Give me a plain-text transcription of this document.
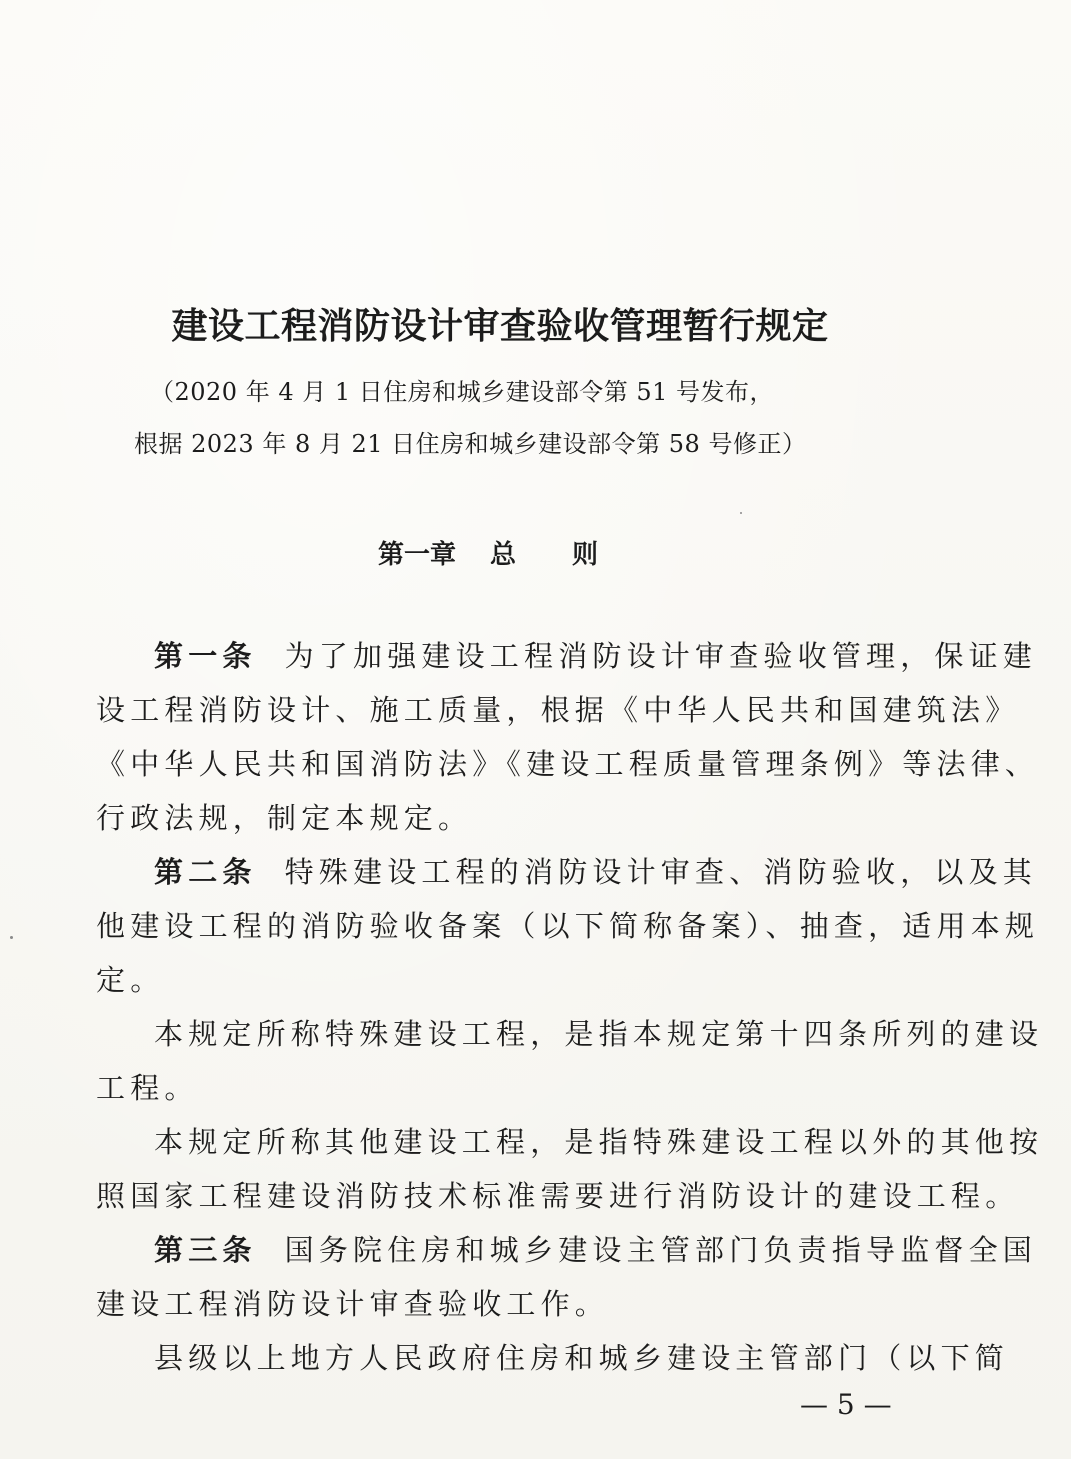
建设工程消防设计审查验收管理暂行规定
（2020 年 4 月 1 日住房和城乡建设部令第 51 号发布，
根据 2023 年 8 月 21 日住房和城乡建设部令第 58 号修正）
第一章 总 则
第一条 为了加强建设工程消防设计审查验收管理，保证建
设工程消防设计、施工质量，根据《中华人民共和国建筑法》
《中华人民共和国消防法》《建设工程质量管理条例》等法律、
行政法规，制定本规定。
第二条 特殊建设工程的消防设计审查、消防验收，以及其
他建设工程的消防验收备案（以下简称备案）、抽查，适用本规
定。
本规定所称特殊建设工程，是指本规定第十四条所列的建设
工程。
本规定所称其他建设工程，是指特殊建设工程以外的其他按
照国家工程建设消防技术标准需要进行消防设计的建设工程。
第三条 国务院住房和城乡建设主管部门负责指导监督全国
建设工程消防设计审查验收工作。
县级以上地方人民政府住房和城乡建设主管部门（以下简
— 5 —
